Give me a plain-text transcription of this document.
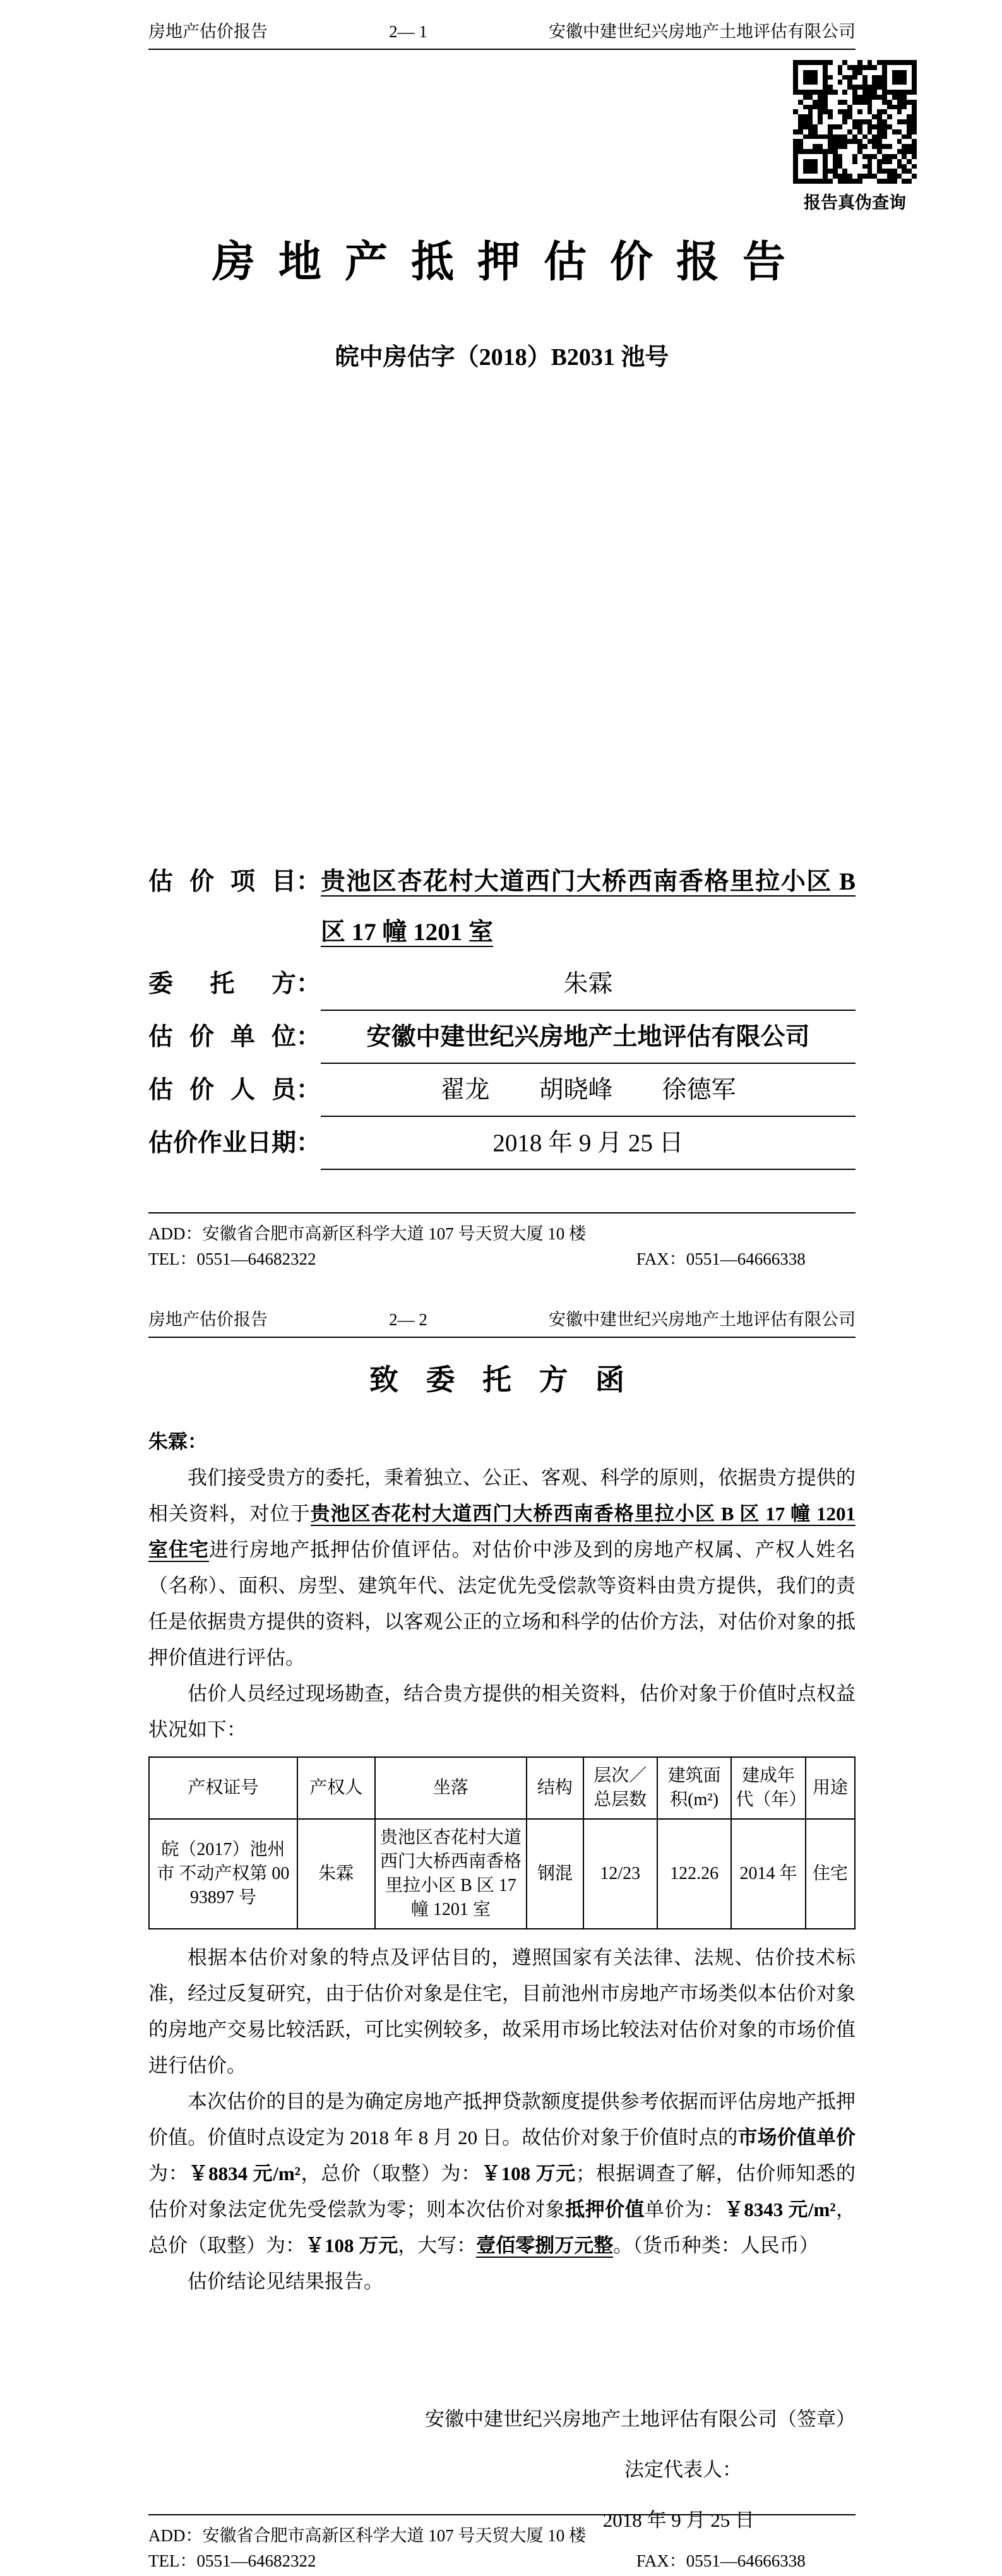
房地产估价报告	2— 1	安徽中建世纪兴房地产土地评估有限公司
报告真伪查询
房 地 产 抵 押 估 价 报 告
皖中房估字（2018）B2031 池号
估价项目： 贵池区杏花村大道西门大桥西南香格里拉小区 B 区 17 幢 1201 室
委托方：	朱霖
估价单位：	安徽中建世纪兴房地产土地评估有限公司
估价人员：	翟龙　　胡晓峰　　徐德军
估价作业日期：	2018 年 9 月 25 日
ADD：安徽省合肥市高新区科学大道 107 号天贸大厦 10 楼
TEL：0551—64682322	FAX：0551—64666338
房地产估价报告	2— 2	安徽中建世纪兴房地产土地评估有限公司
致 委 托 方 函
朱霖：

我们接受贵方的委托，秉着独立、公正、客观、科学的原则，依据贵方提供的相关资料，对位于贵池区杏花村大道西门大桥西南香格里拉小区 B 区 17 幢 1201 室住宅进行房地产抵押估价值评估。对估价中涉及到的房地产权属、产权人姓名（名称）、面积、房型、建筑年代、法定优先受偿款等资料由贵方提供，我们的责任是依据贵方提供的资料，以客观公正的立场和科学的估价方法，对估价对象的抵押价值进行评估。

估价人员经过现场勘查，结合贵方提供的相关资料，估价对象于价值时点权益状况如下：

产权证号	产权人	坐落	结构	层次／总层数	建筑面积(m²)	建成年代（年）	用途
皖（2017）池州市 不动产权第 0093897 号	朱霖	贵池区杏花村大道西门大桥西南香格里拉小区 B 区 17 幢 1201 室	钢混	12/23	122.26	2014 年	住宅

根据本估价对象的特点及评估目的，遵照国家有关法律、法规、估价技术标准，经过反复研究，由于估价对象是住宅，目前池州市房地产市场类似本估价对象的房地产交易比较活跃，可比实例较多，故采用市场比较法对估价对象的市场价值进行估价。

本次估价的目的是为确定房地产抵押贷款额度提供参考依据而评估房地产抵押价值。价值时点设定为 2018 年 8 月 20 日。故估价对象于价值时点的市场价值单价为：￥8834 元/m²，总价（取整）为：￥108 万元；根据调查了解，估价师知悉的估价对象法定优先受偿款为零；则本次估价对象抵押价值单价为：￥8343 元/m²，总价（取整）为：￥108 万元，大写：壹佰零捌万元整。（货币种类：人民币）

估价结论见结果报告。

安徽中建世纪兴房地产土地评估有限公司（签章）
法定代表人：
2018 年 9 月 25 日
ADD：安徽省合肥市高新区科学大道 107 号天贸大厦 10 楼
TEL：0551—64682322	FAX：0551—64666338
